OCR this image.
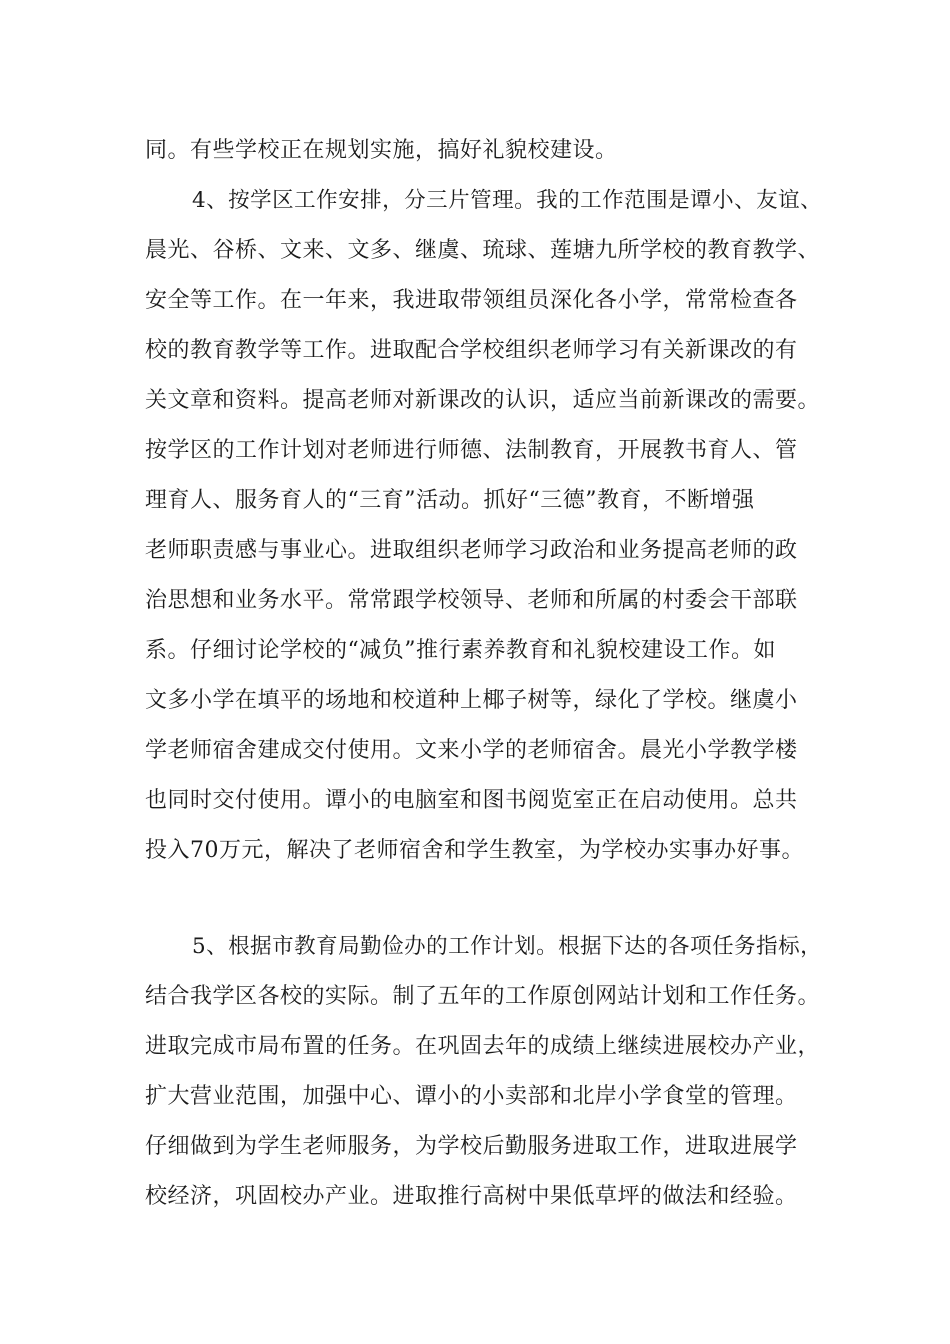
同。有些学校正在规划实施，搞好礼貌校建设。
4、按学区工作安排，分三片管理。我的工作范围是谭小、友谊、
晨光、谷桥、文来、文多、继虞、琉球、莲塘九所学校的教育教学、
安全等工作。在一年来，我进取带领组员深化各小学，常常检查各
校的教育教学等工作。进取配合学校组织老师学习有关新课改的有
关文章和资料。提高老师对新课改的认识，适应当前新课改的需要。
按学区的工作计划对老师进行师德、法制教育，开展教书育人、管
理育人、服务育人的“三育”活动。抓好“三德”教育，不断增强
老师职责感与事业心。进取组织老师学习政治和业务提高老师的政
治思想和业务水平。常常跟学校领导、老师和所属的村委会干部联
系。仔细讨论学校的“减负”推行素养教育和礼貌校建设工作。如
文多小学在填平的场地和校道种上椰子树等，绿化了学校。继虞小
学老师宿舍建成交付使用。文来小学的老师宿舍。晨光小学教学楼
也同时交付使用。谭小的电脑室和图书阅览室正在启动使用。总共
投入70万元，解决了老师宿舍和学生教室，为学校办实事办好事。
5、根据市教育局勤俭办的工作计划。根据下达的各项任务指标，
结合我学区各校的实际。制了五年的工作原创网站计划和工作任务。
进取完成市局布置的任务。在巩固去年的成绩上继续进展校办产业，
扩大营业范围，加强中心、谭小的小卖部和北岸小学食堂的管理。
仔细做到为学生老师服务，为学校后勤服务进取工作，进取进展学
校经济，巩固校办产业。进取推行高树中果低草坪的做法和经验。
